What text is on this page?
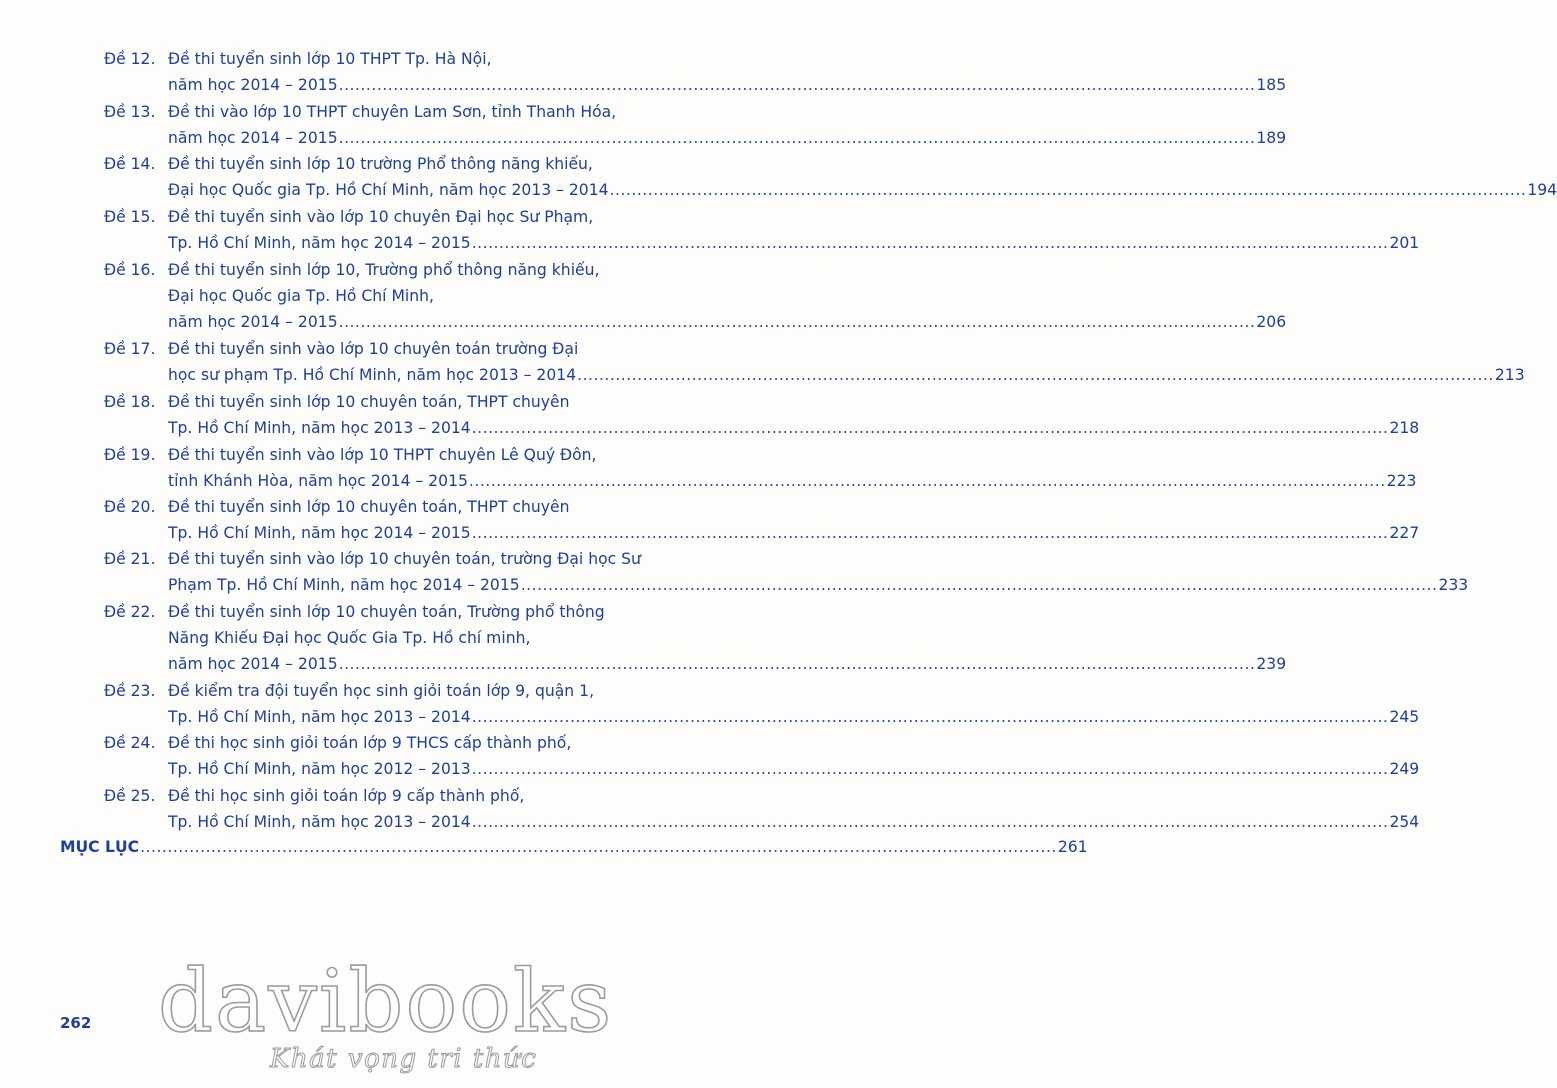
Đề 12. Đề thi tuyển sinh lớp 10 THPT Tp. Hà Nội,
năm học 2014 – 2015 ........................................................................................................................................................................ 185
Đề 13. Đề thi vào lớp 10 THPT chuyên Lam Sơn, tỉnh Thanh Hóa,
năm học 2014 – 2015 ........................................................................................................................................................................ 189
Đề 14. Đề thi tuyển sinh lớp 10 trường Phổ thông năng khiếu,
Đại học Quốc gia Tp. Hồ Chí Minh, năm học 2013 – 2014 ........................................................................................................................................................................ 194
Đề 15. Đề thi tuyển sinh vào lớp 10 chuyên Đại học Sư Phạm,
Tp. Hồ Chí Minh, năm học 2014 – 2015 ........................................................................................................................................................................ 201
Đề 16. Đề thi tuyển sinh lớp 10, Trường phổ thông năng khiếu,
Đại học Quốc gia Tp. Hồ Chí Minh,
năm học 2014 – 2015 ........................................................................................................................................................................ 206
Đề 17. Đề thi tuyển sinh vào lớp 10 chuyên toán trường Đại
học sư phạm Tp. Hồ Chí Minh, năm học 2013 – 2014 ........................................................................................................................................................................ 213
Đề 18. Đề thi tuyển sinh lớp 10 chuyên toán, THPT chuyên
Tp. Hồ Chí Minh, năm học 2013 – 2014 ........................................................................................................................................................................ 218
Đề 19. Đề thi tuyển sinh vào lớp 10 THPT chuyên Lê Quý Đôn,
tỉnh Khánh Hòa, năm học 2014 – 2015 ........................................................................................................................................................................ 223
Đề 20. Đề thi tuyển sinh lớp 10 chuyên toán, THPT chuyên
Tp. Hồ Chí Minh, năm học 2014 – 2015 ........................................................................................................................................................................ 227
Đề 21. Đề thi tuyển sinh vào lớp 10 chuyên toán, trường Đại học Sư
Phạm Tp. Hồ Chí Minh, năm học 2014 – 2015 ........................................................................................................................................................................ 233
Đề 22. Đề thi tuyển sinh lớp 10 chuyên toán, Trường phổ thông
Năng Khiếu Đại học Quốc Gia Tp. Hồ chí minh,
năm học 2014 – 2015 ........................................................................................................................................................................ 239
Đề 23. Đề kiểm tra đội tuyển học sinh giỏi toán lớp 9, quận 1,
Tp. Hồ Chí Minh, năm học 2013 – 2014 ........................................................................................................................................................................ 245
Đề 24. Đề thi học sinh giỏi toán lớp 9 THCS cấp thành phố,
Tp. Hồ Chí Minh, năm học 2012 – 2013 ........................................................................................................................................................................ 249
Đề 25. Đề thi học sinh giỏi toán lớp 9 cấp thành phố,
Tp. Hồ Chí Minh, năm học 2013 – 2014 ........................................................................................................................................................................ 254
MỤC LỤC ........................................................................................................................................................................ 261
262 davibooks
Khát vọng tri thức
